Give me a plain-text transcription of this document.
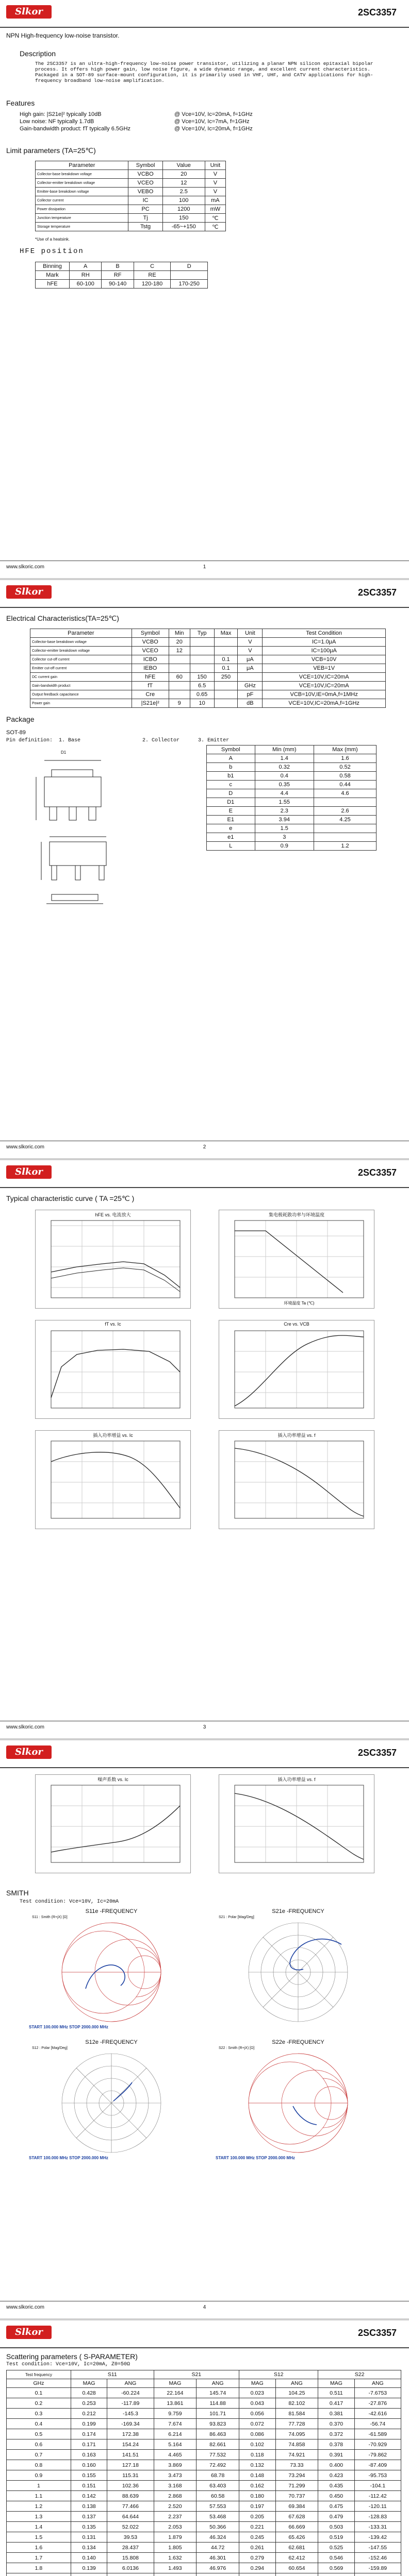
Slkor	2SC3357
NPN High-frequency low-noise transistor.
Description
The 2SC3357 is an ultra-high-frequency low-noise power transistor, utilizing a planar NPN silicon epitaxial bipolar process. It offers high power gain, low noise figure, a wide dynamic range, and excellent current characteristics. Packaged in a SOT-89 surface-mount configuration, it is primarily used in VHF, UHF, and CATV applications for high-frequency broadband low-noise amplification.
Features
High gain: |S21e|² typically 10dB	@ Vce=10V, Ic=20mA, f=1GHz
Low noise: NF typically 1.7dB	@ Vce=10V, Ic=7mA, f=1GHz
Gain-bandwidth product: fT typically 6.5GHz	@ Vce=10V, Ic=20mA, f=1GHz
Limit parameters (TA=25℃)
Parameter	Symbol	Value	Unit
Collector-base breakdown voltage	VCBO	20	V
Collector-emitter breakdown voltage	VCEO	12	V
Emitter-base breakdown voltage	VEBO	2.5	V
Collector current	IC	100	mA
Power dissipation	PC	1200	mW
Junction temperature	Tj	150	℃
Storage temperature	Tstg	-65~+150	℃
*Use of a heatsink.
HFE position
Binning	A	B	C	D
Mark	RH	RF	RE	
hFE	60-100	90-140	120-180	170-250
www.slkoric.com	1
Slkor	2SC3357
Electrical Characteristics(TA=25℃)
Parameter	Symbol	Min	Typ	Max	Unit	Test Condition
Collector-base breakdown voltage	VCBO	20			V	IC=1.0μA
Collector-emitter breakdown voltage	VCEO	12			V	IC=100μA
Collector cut-off current	ICBO			0.1	μA	VCB=10V
Emitter cut-off current	IEBO			0.1	μA	VEB=1V
DC current gain	hFE	60	150	250		VCE=10V,IC=20mA
Gain-bandwidth product	fT		6.5		GHz	VCE=10V,IC=20mA
Output feedback capacitance	Cre		0.65		pF	VCB=10V,IE=0mA,f=1MHz
Power gain	|S21e|²	9	10		dB	VCE=10V,IC=20mA,f=1GHz
Package
SOT-89
Pin definition:  1. Base                    2. Collector      3. Emitter
D1	Symbol	Min (mm)	Max (mm)
A	1.4	1.6
b	0.32	0.52
b1	0.4	0.58
c	0.35	0.44
D	4.4	4.6
D1	1.55	
E	2.3	2.6
E1	3.94	4.25
e	1.5	
e1	3	
L	0.9	1.2
www.slkoric.com	2
Slkor	2SC3357
Typical characteristic curve ( TA =25℃ )
hFE vs. 电流放大	集电极耗散功率与环境温度
环境温度 Ta (℃)
fT vs. Ic	Cre vs. VCB
插入功率增益 vs. Ic	插入功率增益 vs. f
www.slkoric.com	3
Slkor	2SC3357
噪声系数 vs. Ic	插入功率增益 vs. f
SMITH
Test condition: Vce=10V, Ic=20mA
S11e -FREQUENCY
S11 : Smith (R+jX) [Ω]
START 100.000 MHz STOP 2000.000 MHz
S21e -FREQUENCY
S21 : Polar [Mag/Deg]
S12e -FREQUENCY
S12 : Polar [Mag/Deg]
START 100.000 MHz STOP 2000.000 MHz
S22e -FREQUENCY
S22 : Smith (R+jX) [Ω]
START 100.000 MHz STOP 2000.000 MHz
www.slkoric.com	4
Slkor	2SC3357
Scattering parameters ( S-PARAMETER)
Test condition: Vce=10V, Ic=20mA, Z0=50Ω
Test frequency	S11		S21		S12		S22	
GHz	MAG	ANG	MAG	ANG	MAG	ANG	MAG	ANG
0.1	0.428	-60.224	22.164	145.74	0.023	104.25	0.511	-7.6753
0.2	0.253	-117.89	13.861	114.88	0.043	82.102	0.417	-27.876
0.3	0.212	-145.3	9.759	101.71	0.056	81.584	0.381	-42.616
0.4	0.199	-169.34	7.674	93.823	0.072	77.728	0.370	-56.74
0.5	0.174	172.38	6.214	86.463	0.086	74.095	0.372	-61.589
0.6	0.171	154.24	5.164	82.661	0.102	74.858	0.378	-70.929
0.7	0.163	141.51	4.465	77.532	0.118	74.921	0.391	-79.862
0.8	0.160	127.18	3.869	72.492	0.132	73.33	0.400	-87.409
0.9	0.155	115.31	3.473	68.78	0.148	73.294	0.423	-95.753
1	0.151	102.36	3.168	63.403	0.162	71.299	0.435	-104.1
1.1	0.142	88.639	2.868	60.58	0.180	70.737	0.450	-112.42
1.2	0.138	77.466	2.520	57.553	0.197	69.384	0.475	-120.11
1.3	0.137	64.644	2.237	53.468	0.205	67.628	0.479	-128.83
1.4	0.135	52.022	2.053	50.366	0.221	66.669	0.503	-133.31
1.5	0.131	39.53	1.879	46.324	0.245	65.426	0.519	-139.42
1.6	0.134	28.437	1.805	44.72	0.261	62.681	0.525	-147.55
1.7	0.140	15.808	1.632	46.301	0.279	62.412	0.546	-152.46
1.8	0.139	6.0136	1.493	46.976	0.294	60.654	0.569	-159.89
